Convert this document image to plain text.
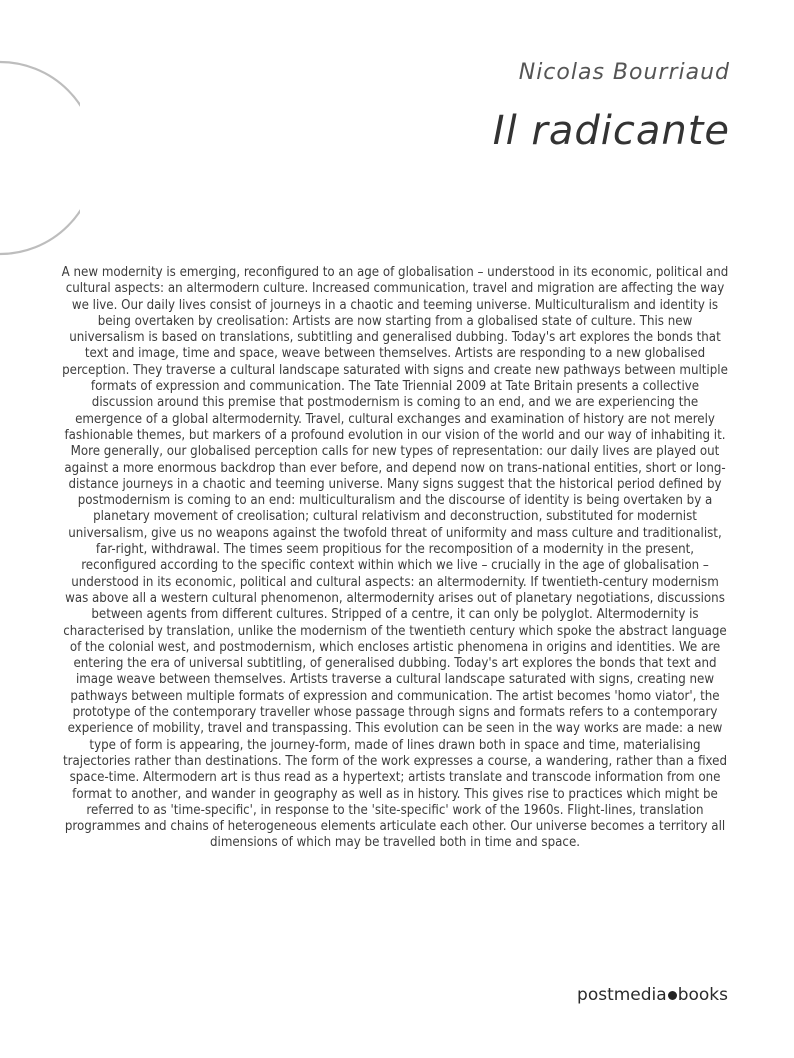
Nicolas Bourriaud
Il radicante

A new modernity is emerging, reconfigured to an age of globalisation – understood in its economic, political and cultural aspects: an altermodern culture. Increased communication, travel and migration are affecting the way we live. Our daily lives consist of journeys in a chaotic and teeming universe. Multiculturalism and identity is being overtaken by creolisation: Artists are now starting from a globalised state of culture. This new universalism is based on translations, subtitling and generalised dubbing. Today's art explores the bonds that text and image, time and space, weave between themselves. Artists are responding to a new globalised perception. They traverse a cultural landscape saturated with signs and create new pathways between multiple formats of expression and communication. The Tate Triennial 2009 at Tate Britain presents a collective discussion around this premise that postmodernism is coming to an end, and we are experiencing the emergence of a global altermodernity. Travel, cultural exchanges and examination of history are not merely fashionable themes, but markers of a profound evolution in our vision of the world and our way of inhabiting it. More generally, our globalised perception calls for new types of representation: our daily lives are played out against a more enormous backdrop than ever before, and depend now on trans-national entities, short or long-distance journeys in a chaotic and teeming universe. Many signs suggest that the historical period defined by postmodernism is coming to an end: multiculturalism and the discourse of identity is being overtaken by a planetary movement of creolisation; cultural relativism and deconstruction, substituted for modernist universalism, give us no weapons against the twofold threat of uniformity and mass culture and traditionalist, far-right, withdrawal. The times seem propitious for the recomposition of a modernity in the present, reconfigured according to the specific context within which we live – crucially in the age of globalisation – understood in its economic, political and cultural aspects: an altermodernity. If twentieth-century modernism was above all a western cultural phenomenon, altermodernity arises out of planetary negotiations, discussions between agents from different cultures. Stripped of a centre, it can only be polyglot. Altermodernity is characterised by translation, unlike the modernism of the twentieth century which spoke the abstract language of the colonial west, and postmodernism, which encloses artistic phenomena in origins and identities. We are entering the era of universal subtitling, of generalised dubbing. Today's art explores the bonds that text and image weave between themselves. Artists traverse a cultural landscape saturated with signs, creating new pathways between multiple formats of expression and communication. The artist becomes 'homo viator', the prototype of the contemporary traveller whose passage through signs and formats refers to a contemporary experience of mobility, travel and transpassing. This evolution can be seen in the way works are made: a new type of form is appearing, the journey-form, made of lines drawn both in space and time, materialising trajectories rather than destinations. The form of the work expresses a course, a wandering, rather than a fixed space-time. Altermodern art is thus read as a hypertext; artists translate and transcode information from one format to another, and wander in geography as well as in history. This gives rise to practices which might be referred to as 'time-specific', in response to the 'site-specific' work of the 1960s. Flight-lines, translation programmes and chains of heterogeneous elements articulate each other. Our universe becomes a territory all dimensions of which may be travelled both in time and space.

postmedia books
